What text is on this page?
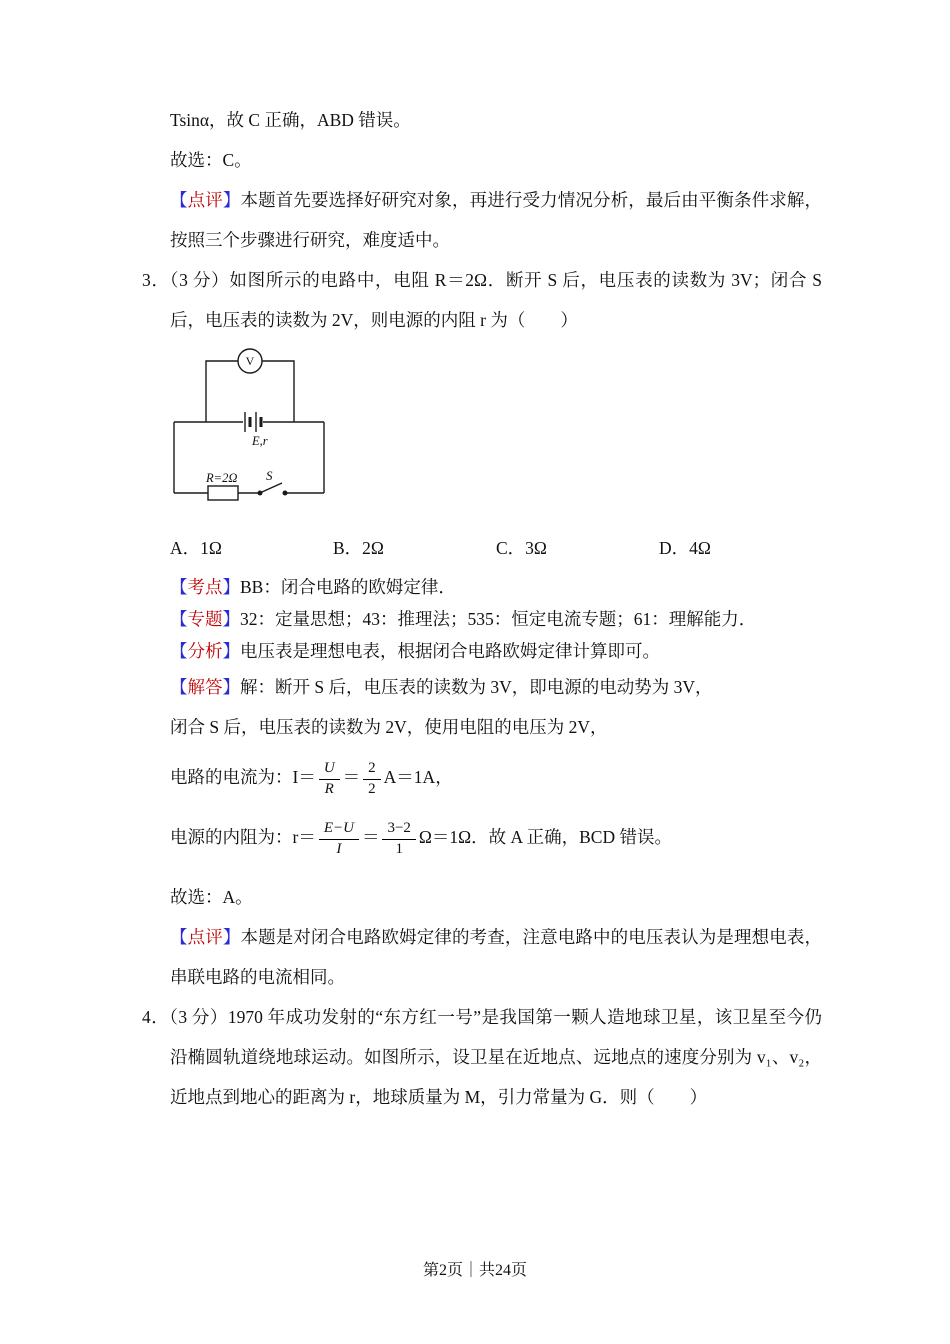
Tsinα，故 C 正确，ABD 错误。

故选：C。

【点评】本题首先要选择好研究对象，再进行受力情况分析，最后由平衡条件求解，按照三个步骤进行研究，难度适中。

3．（3 分）如图所示的电路中，电阻 R＝2Ω．断开 S 后，电压表的读数为 3V；闭合 S 后，电压表的读数为 2V，则电源的内阻 r 为（　　）

V
E,r
R=2Ω S
A．1Ω	B．2Ω	C．3Ω	D．4Ω

【考点】BB：闭合电路的欧姆定律．

【专题】32：定量思想；43：推理法；535：恒定电流专题；61：理解能力．

【分析】电压表是理想电表，根据闭合电路欧姆定律计算即可。

【解答】解：断开 S 后，电压表的读数为 3V，即电源的电动势为 3V，

闭合 S 后，电压表的读数为 2V，使用电阻的电压为 2V，

电路的电流为：$I= \frac{U}{R} = \frac{2}{2} A=1A$，

电源的内阻为：$r= \frac{E-U}{I} = \frac{3-2}{1} \Omega=1\Omega$．故 A 正确，BCD 错误。

故选：A。

【点评】本题是对闭合电路欧姆定律的考查，注意电路中的电压表认为是理想电表，串联电路的电流相同。

4．（3 分）1970 年成功发射的“东方红一号”是我国第一颗人造地球卫星，该卫星至今仍沿椭圆轨道绕地球运动。如图所示，设卫星在近地点、远地点的速度分别为 v₁、v₂，近地点到地心的距离为 r，地球质量为 M，引力常量为 G．则（　　）

第2页｜共24页
